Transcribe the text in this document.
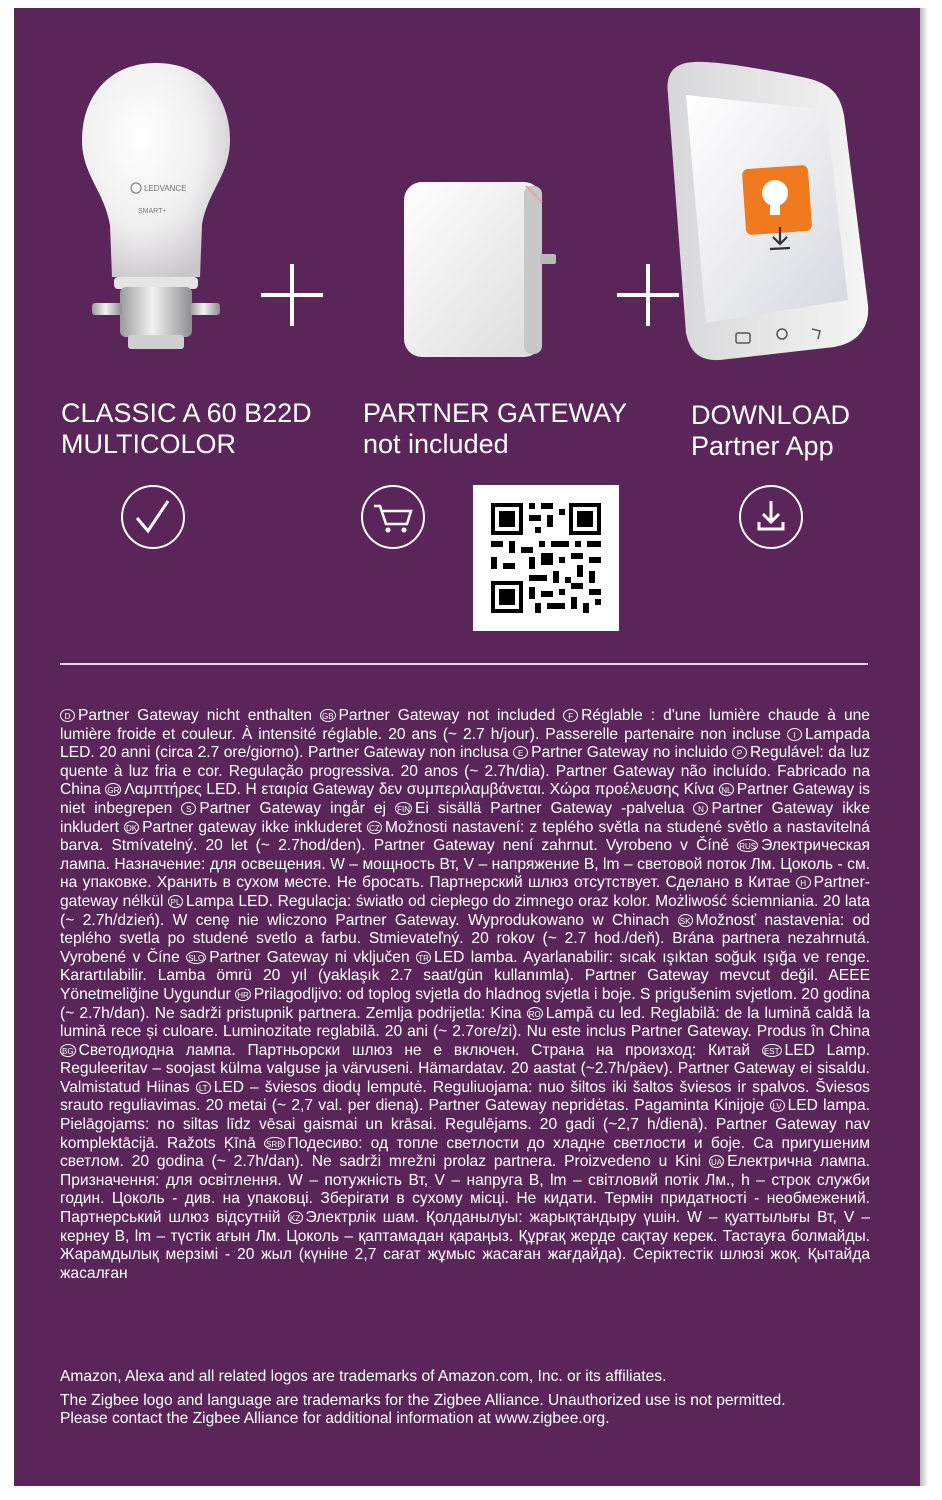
LEDVANCE
SMART+
CLASSIC A 60 B22D
MULTICOLOR
PARTNER GATEWAY
not included
DOWNLOAD
Partner App
D Partner Gateway nicht enthalten GB Partner Gateway not included F Réglable : d'une lumière chaude à une lumière froide et couleur. À intensité réglable. 20 ans (~ 2.7 h/jour). Passerelle partenaire non incluse I Lampada LED. 20 anni (circa 2.7 ore/giorno). Partner Gateway non inclusa E Partner Gateway no incluido P Regulável: da luz quente à luz fria e cor. Regulação progressiva. 20 anos (~ 2.7h/dia). Partner Gateway não incluído. Fabricado na China GR Λαμπτήρες LED. Η εταιρία Gateway δεν συμπεριλαμβάνεται. Χώρα προέλευσης Κίνα NL Partner Gateway is niet inbegrepen S Partner Gateway ingår ej FIN Ei sisällä Partner Gateway -palvelua N Partner Gateway ikke inkludert DK Partner gateway ikke inkluderet CZ Možnosti nastavení: z teplého světla na studené světlo a nastavitelná barva. Stmívatelný. 20 let (~ 2.7hod/den). Partner Gateway není zahrnut. Vyrobeno v Číně RUS Электрическая лампа. Назначение: для освещения. W – мощность Вт, V – напряжение В, lm – световой поток Лм. Цоколь - см. на упаковке. Хранить в сухом месте. Не бросать. Партнерский шлюз отсутствует. Сделано в Китае H Partner-gateway nélkül PL Lampa LED. Regulacja: światło od ciepłego do zimnego oraz kolor. Możliwość ściemniania. 20 lata (~ 2.7h/dzień). W cenę nie wliczono Partner Gateway. Wyprodukowano w Chinach SK Možnosť nastavenia: od teplého svetla po studené svetlo a farbu. Stmievateľný. 20 rokov (~ 2.7 hod./deň). Brána partnera nezahrnutá. Vyrobené v Číne SLO Partner Gateway ni vključen TR LED lamba. Ayarlanabilir: sıcak ışıktan soğuk ışığa ve renge. Karartılabilir. Lamba ömrü 20 yıl (yaklaşık 2.7 saat/gün kullanımla). Partner Gateway mevcut değil. AEEE Yönetmeliğine Uygundur HR Prilagodljivo: od toplog svjetla do hladnog svjetla i boje. S prigušenim svjetlom. 20 godina (~ 2.7h/dan). Ne sadrži pristupnik partnera. Zemlja podrijetla: Kina RO Lampă cu led. Reglabilă: de la lumină caldă la lumină rece și culoare. Luminozitate reglabilă. 20 ani (~ 2.7ore/zi). Nu este inclus Partner Gateway. Produs în China BG Светодиодна лампа. Партньорски шлюз не е включен. Страна на произход: Китай EST LED Lamp. Reguleeritav – soojast külma valguse ja värvuseni. Hämardatav. 20 aastat (~2.7h/päev). Partner Gateway ei sisaldu. Valmistatud Hiinas LT LED – šviesos diodų lemputė. Reguliuojama: nuo šiltos iki šaltos šviesos ir spalvos. Šviesos srauto reguliavimas. 20 metai (~ 2,7 val. per dieną). Partner Gateway nepridėtas. Pagaminta Kinijoje LV LED lampa. Pielāgojams: no siltas līdz vēsai gaismai un krāsai. Regulējams. 20 gadi (~2,7 h/dienā). Partner Gateway nav komplektācijā. Ražots Ķīnā SRB Подесиво: од топле светлости до хладне светлости и боје. Са пригушеним светлом. 20 godina (~ 2.7h/dan). Ne sadrži mrežni prolaz partnera. Proizvedeno u Kini UA Електрична лампа. Призначення: для освітлення. W – потужність Вт, V – напруга В, lm – світловий потік Лм., h – строк служби годин. Цоколь - див. на упаковці. Зберігати в сухому місці. Не кидати. Термін придатності - необмежений. Партнерський шлюз відсутній KZ Электрлік шам. Қолданылуы: жарықтандыру үшін. W – қуаттылығы Вт, V – кернеу В, lm – түстік ағын Лм. Цоколь – қаптамадан қараңыз. Құрғақ жерде сақтау керек. Тастауға болмайды. Жарамдылық мерзімі - 20 жыл (күніне 2,7 сағат жұмыс жасаған жағдайда). Серіктестік шлюзі жоқ. Қытайда жасалған
Amazon, Alexa and all related logos are trademarks of Amazon.com, Inc. or its affiliates.
The Zigbee logo and language are trademarks for the Zigbee Alliance. Unauthorized use is not permitted.
Please contact the Zigbee Alliance for additional information at www.zigbee.org.
